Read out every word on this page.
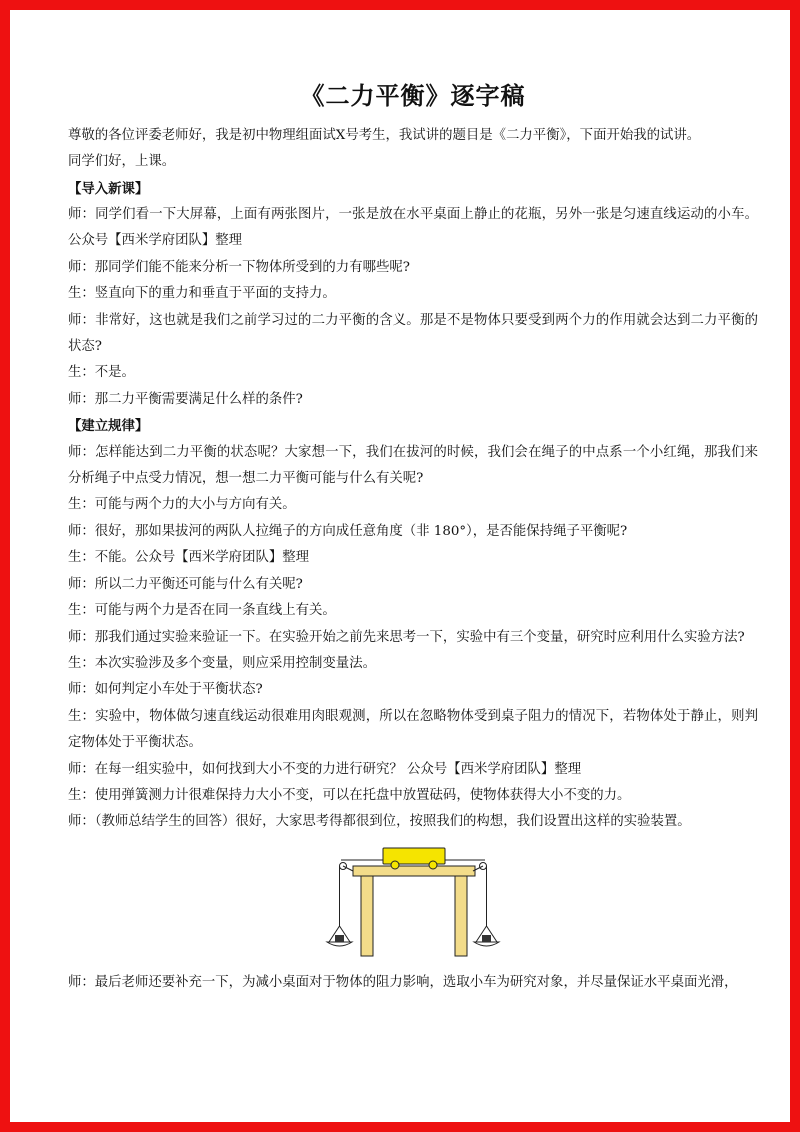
《二力平衡》逐字稿

尊敬的各位评委老师好，我是初中物理组面试X号考生，我试讲的题目是《二力平衡》，下面开始我的试讲。

同学们好，上课。

【导入新课】

师：同学们看一下大屏幕，上面有两张图片，一张是放在水平桌面上静止的花瓶，另外一张是匀速直线运动的小车。 公众号【西米学府团队】整理

师：那同学们能不能来分析一下物体所受到的力有哪些呢?

生：竖直向下的重力和垂直于平面的支持力。

师：非常好，这也就是我们之前学习过的二力平衡的含义。那是不是物体只要受到两个力的作用就会达到二力平衡的状态?

生：不是。

师：那二力平衡需要满足什么样的条件?

【建立规律】

师：怎样能达到二力平衡的状态呢？大家想一下，我们在拔河的时候，我们会在绳子的中点系一个小红绳，那我们来分析绳子中点受力情况，想一想二力平衡可能与什么有关呢?

生：可能与两个力的大小与方向有关。

师：很好，那如果拔河的两队人拉绳子的方向成任意角度（非 180°），是否能保持绳子平衡呢?

生：不能。公众号【西米学府团队】整理

师：所以二力平衡还可能与什么有关呢?

生：可能与两个力是否在同一条直线上有关。

师：那我们通过实验来验证一下。在实验开始之前先来思考一下，实验中有三个变量，研究时应利用什么实验方法?

生：本次实验涉及多个变量，则应采用控制变量法。

师：如何判定小车处于平衡状态?

生：实验中，物体做匀速直线运动很难用肉眼观测，所以在忽略物体受到桌子阻力的情况下，若物体处于静止，则判定物体处于平衡状态。

师：在每一组实验中，如何找到大小不变的力进行研究？ 公众号【西米学府团队】整理

生：使用弹簧测力计很难保持力大小不变，可以在托盘中放置砝码，使物体获得大小不变的力。

师：（教师总结学生的回答）很好，大家思考得都很到位，按照我们的构想，我们设置出这样的实验装置。

师：最后老师还要补充一下，为减小桌面对于物体的阻力影响，选取小车为研究对象，并尽量保证水平桌面光滑，
